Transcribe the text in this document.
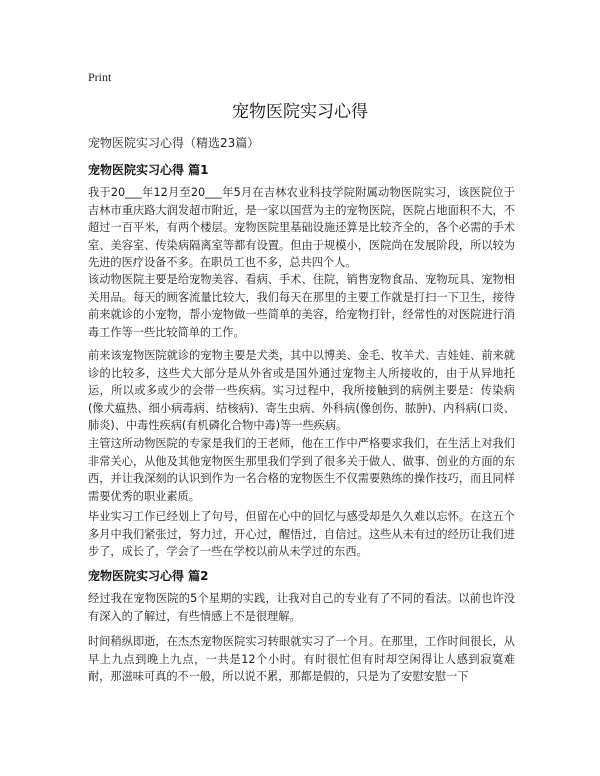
Print
宠物医院实习心得
宠物医院实习心得（精选23篇）
宠物医院实习心得 篇1

我于20___年12月至20___年5月在吉林农业科技学院附属动物医院实习，该医院位于吉林市重庆路大润发超市附近，是一家以国营为主的宠物医院，医院占地面积不大，不超过一百平米，有两个楼层。宠物医院里基础设施还算是比较齐全的，各个必需的手术室、美容室、传染病隔离室等都有设置。但由于规模小，医院尚在发展阶段，所以较为先进的医疗设备不多。在职员工也不多，总共四个人。

该动物医院主要是给宠物美容、看病、手术、住院，销售宠物食品、宠物玩具、宠物相关用品。每天的顾客流量比较大，我们每天在那里的主要工作就是打扫一下卫生，接待前来就诊的小宠物，帮小宠物做一些简单的美容，给宠物打针，经常性的对医院进行消毒工作等一些比较简单的工作。

前来该宠物医院就诊的宠物主要是犬类，其中以博美、金毛、牧羊犬、吉娃娃、前来就诊的比较多，这些犬大部分是从外省或是国外通过宠物主人所接收的，由于从异地托运，所以或多或少的会带一些疾病。实习过程中，我所接触到的病例主要是：传染病(像犬瘟热、细小病毒病、结核病)、寄生虫病、外科病(像创伤、脓肿)、内科病(口炎、肺炎)、中毒性疾病(有机磷化合物中毒)等一些疾病。

主管这所动物医院的专家是我们的王老师，他在工作中严格要求我们，在生活上对我们非常关心，从他及其他宠物医生那里我们学到了很多关于做人、做事、创业的方面的东西，并让我深刻的认识到作为一名合格的宠物医生不仅需要熟练的操作技巧，而且同样需要优秀的职业素质。

毕业实习工作已经划上了句号，但留在心中的回忆与感受却是久久难以忘怀。在这五个多月中我们紧张过，努力过，开心过，醒悟过，自信过。这些从未有过的经历让我们进步了，成长了，学会了一些在学校以前从未学过的东西。

宠物医院实习心得 篇2

经过我在宠物医院的5个星期的实践，让我对自己的专业有了不同的看法。以前也许没有深入的了解过，有些情感上不是很理解。

时间稍纵即逝，在杰杰宠物医院实习转眼就实习了一个月。在那里，工作时间很长，从早上九点到晚上九点，一共是12个小时。有时很忙但有时却空闲得让人感到寂寞难耐，那滋味可真的不一般，所以说不累，那都是假的，只是为了安慰安慰一下
